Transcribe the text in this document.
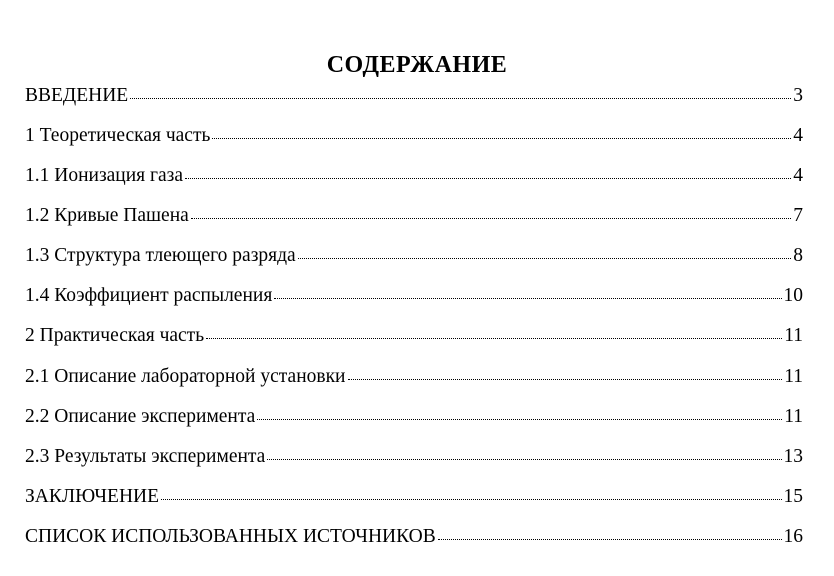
СОДЕРЖАНИЕ
ВВЕДЕНИЕ	3
1 Теоретическая часть	4
1.1 Ионизация газа	4
1.2 Кривые Пашена	7
1.3 Структура тлеющего разряда	8
1.4 Коэффициент распыления	10
2 Практическая часть	11
2.1 Описание лабораторной установки	11
2.2 Описание эксперимента	11
2.3 Результаты эксперимента	13
ЗАКЛЮЧЕНИЕ	15
СПИСОК ИСПОЛЬЗОВАННЫХ ИСТОЧНИКОВ	16
